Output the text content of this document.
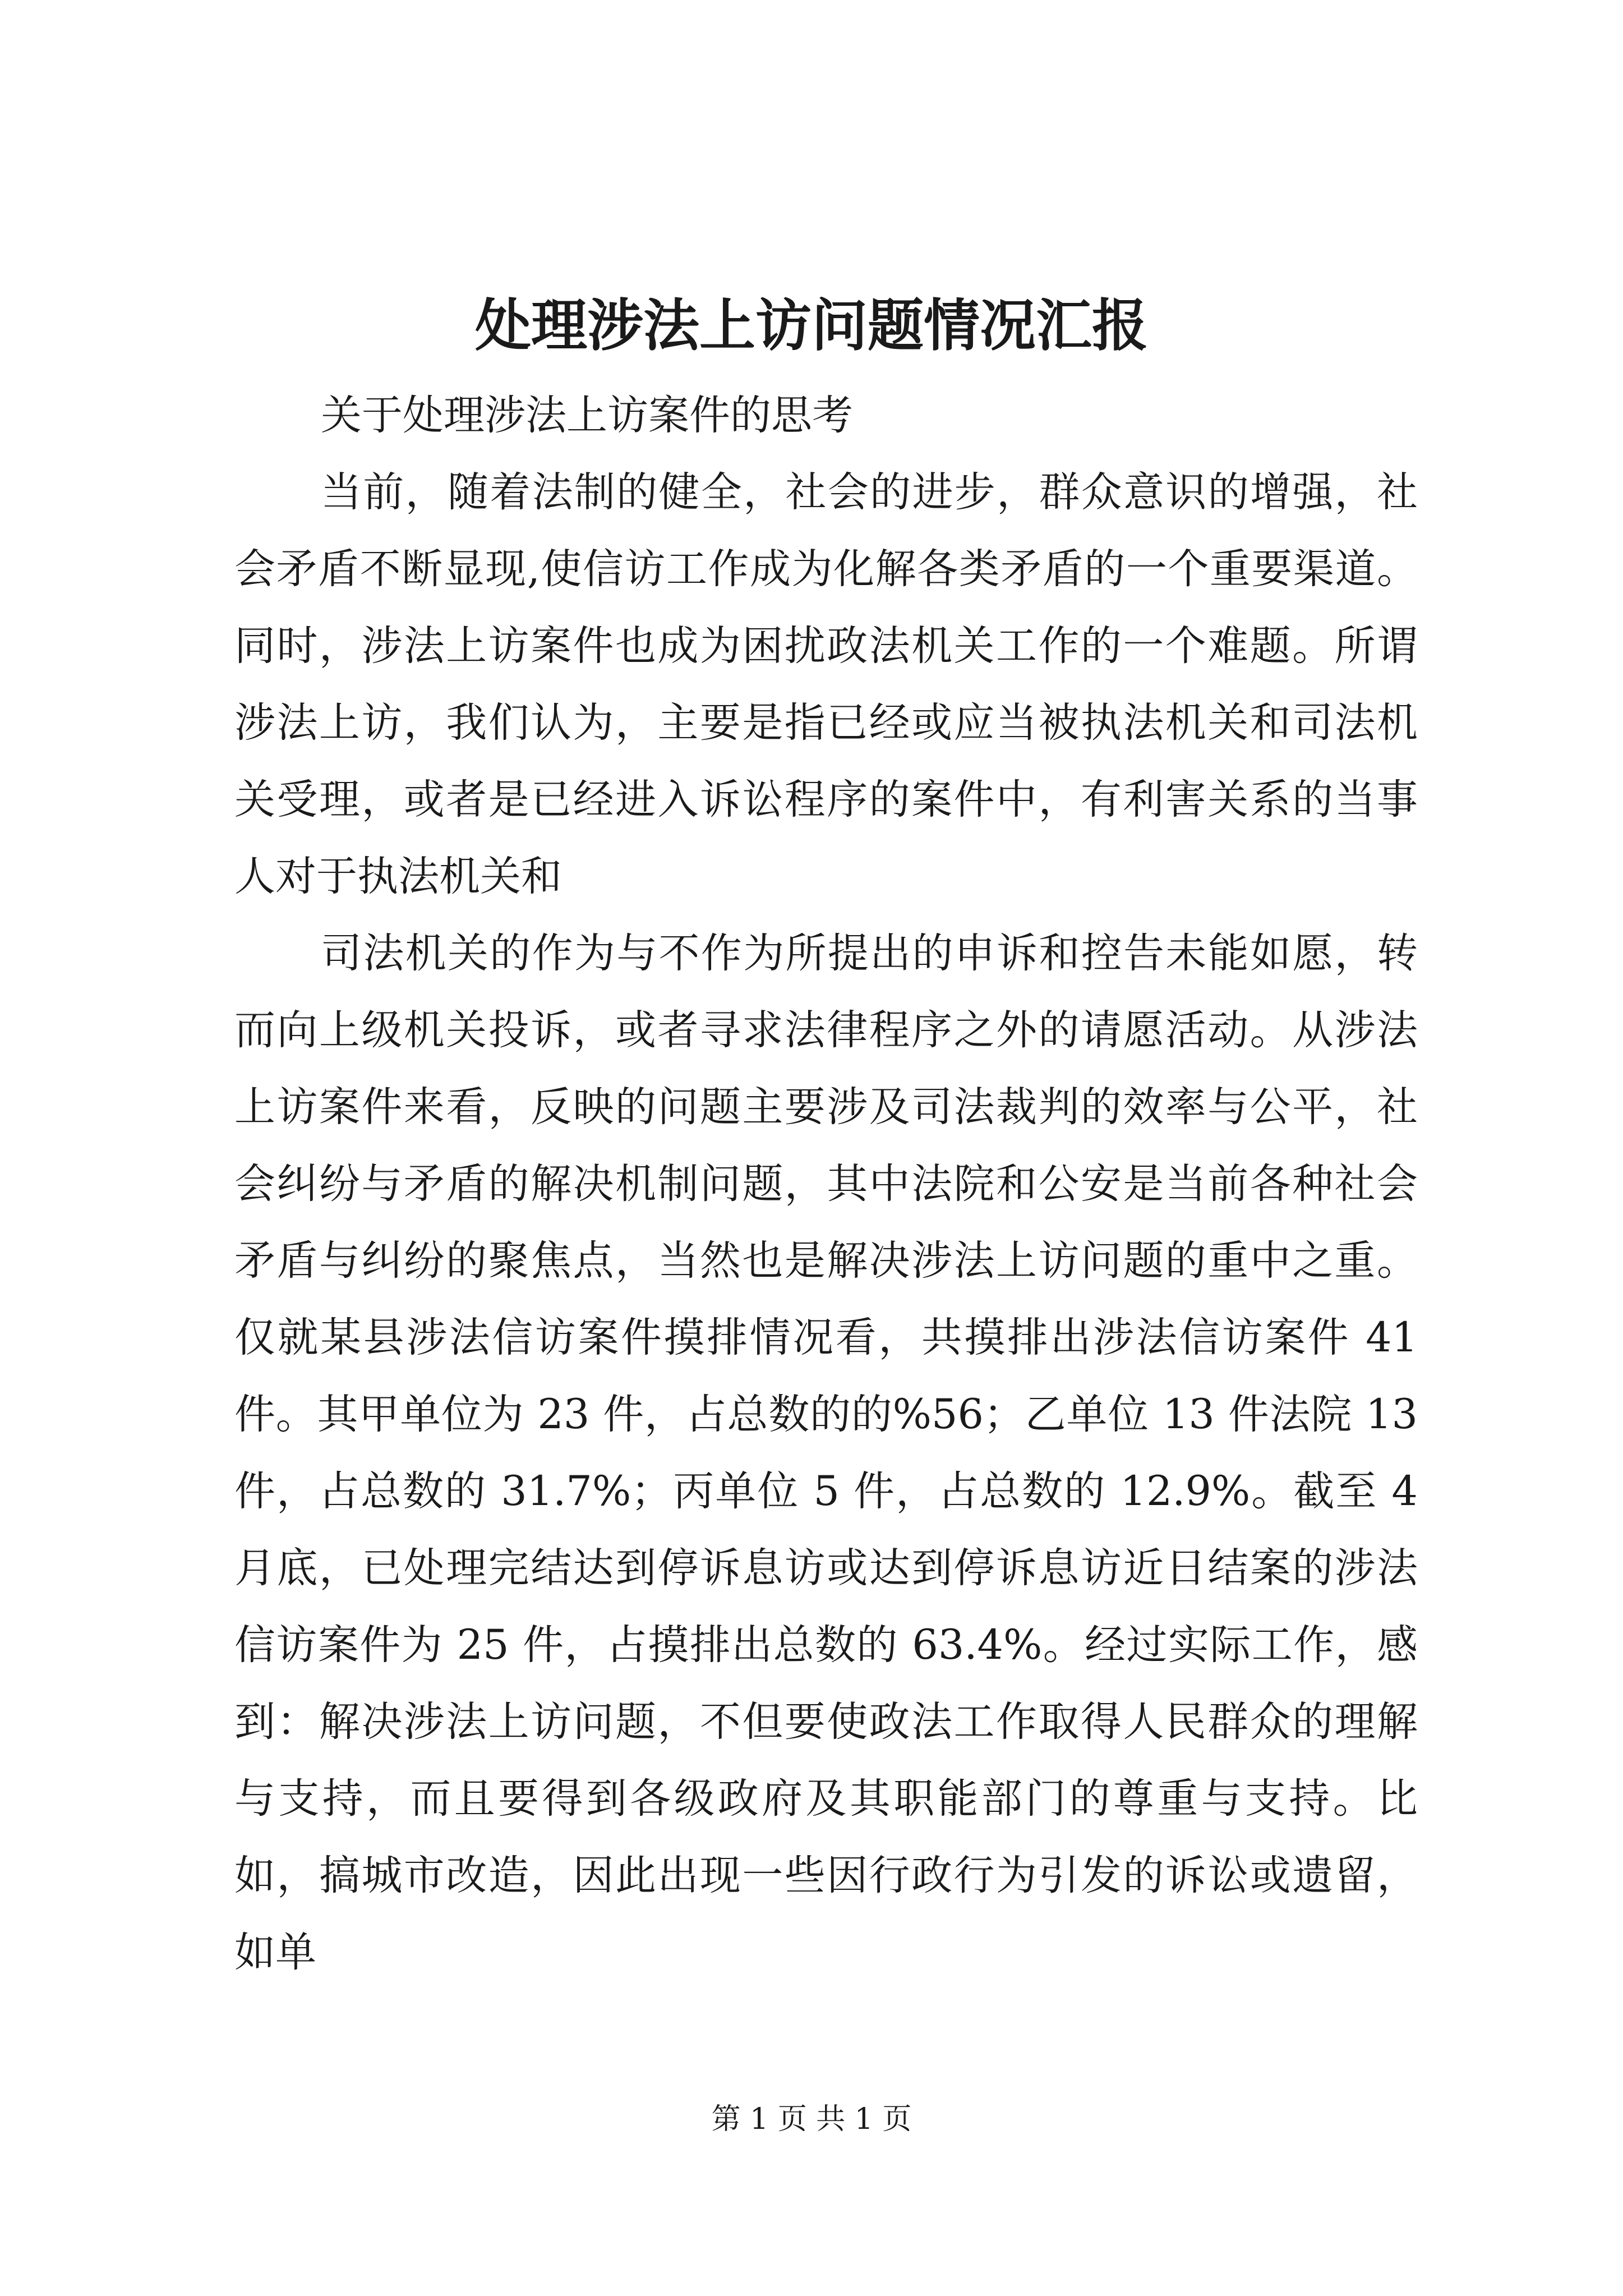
处理涉法上访问题情况汇报

关于处理涉法上访案件的思考

当前，随着法制的健全，社会的进步，群众意识的增强，社会矛盾不断显现,使信访工作成为化解各类矛盾的一个重要渠道。同时，涉法上访案件也成为困扰政法机关工作的一个难题。所谓涉法上访，我们认为，主要是指已经或应当被执法机关和司法机关受理，或者是已经进入诉讼程序的案件中，有利害关系的当事人对于执法机关和

司法机关的作为与不作为所提出的申诉和控告未能如愿，转而向上级机关投诉，或者寻求法律程序之外的请愿活动。从涉法上访案件来看，反映的问题主要涉及司法裁判的效率与公平，社会纠纷与矛盾的解决机制问题，其中法院和公安是当前各种社会矛盾与纠纷的聚焦点，当然也是解决涉法上访问题的重中之重。仅就某县涉法信访案件摸排情况看，共摸排出涉法信访案件 41 件。其甲单位为 23 件，占总数的的%56；乙单位 13 件法院 13 件，占总数的 31.7%；丙单位 5 件，占总数的 12.9%。截至 4 月底，已处理完结达到停诉息访或达到停诉息访近日结案的涉法信访案件为 25 件，占摸排出总数的 63.4%。经过实际工作，感到：解决涉法上访问题，不但要使政法工作取得人民群众的理解与支持，而且要得到各级政府及其职能部门的尊重与支持。比如，搞城市改造，因此出现一些因行政行为引发的诉讼或遗留，如单

第 1 页 共 1 页
